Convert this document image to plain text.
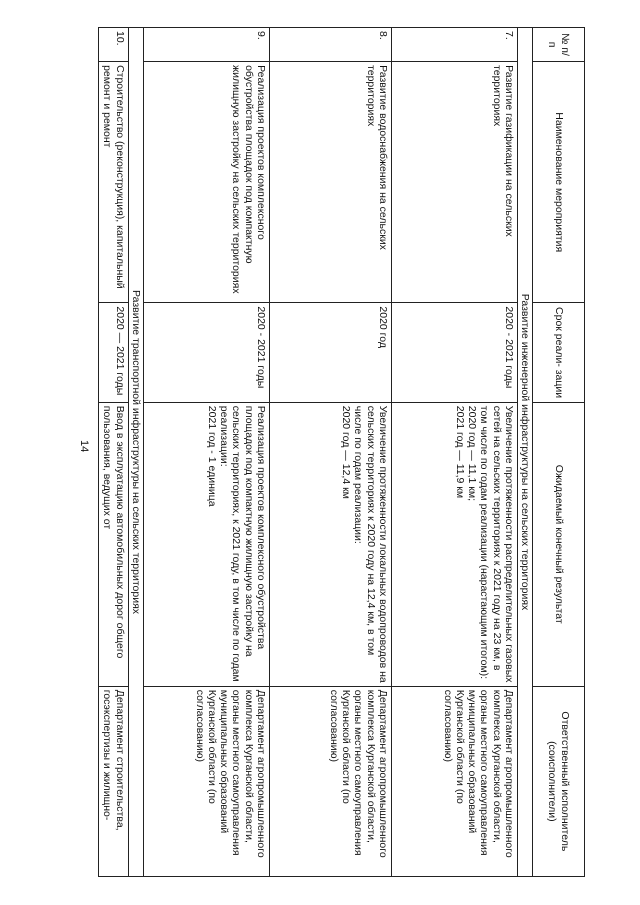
14
№ п/п	Наименование мероприятия	Срок реали- зации	Ожидаемый конечный результат	Ответственный исполнитель (соисполнители)
Развитие инженерной инфраструктуры на сельских территориях				
7.	Развитие газификации на сельских территориях	2020 - 2021 годы	Увеличение протяженности распределительных газовых сетей на сельских территориях к 2021 году на 23 км, в том числе по годам реализации (нарастающим итогом):
2020 год — 11,1 км;
2021 год — 11,9 км	Департамент агропромышленного комплекса Курганской области, органы местного самоуправления муниципальных образований Курганской области (по согласованию)
8.	Развитие водоснабжения на сельских территориях	2020 год	Увеличение протяженности локальных водопроводов на сельских территориях к 2020 году на 12,4 км, в том числе по годам реализации:
2020 год — 12,4 км	Департамент агропромышленного комплекса Курганской области, органы местного самоуправления Курганской области (по согласованию)
9.	Реализация проектов комплексного обустройства площадок под компактную жилищную застройку на сельских территориях	2020 - 2021 годы	Реализация проектов комплексного обустройства площадок под компактную жилищную застройку на сельских территориях, к 2021 году, в том числе по годам реализации:
2021 год - 1 единица	Департамент агропромышленного комплекса Курганской области, органы местного самоуправления муниципальных образований Курганской области (по согласованию)
Развитие транспортной инфраструктуры на сельских территориях				
10.	Строительство (реконструкция), капитальный ремонт и ремонт	2020 — 2021 годы	Ввод в эксплуатацию автомобильных дорог общего пользования, ведущих от	Департамент строительства, госэкспертизы и жилищно-
